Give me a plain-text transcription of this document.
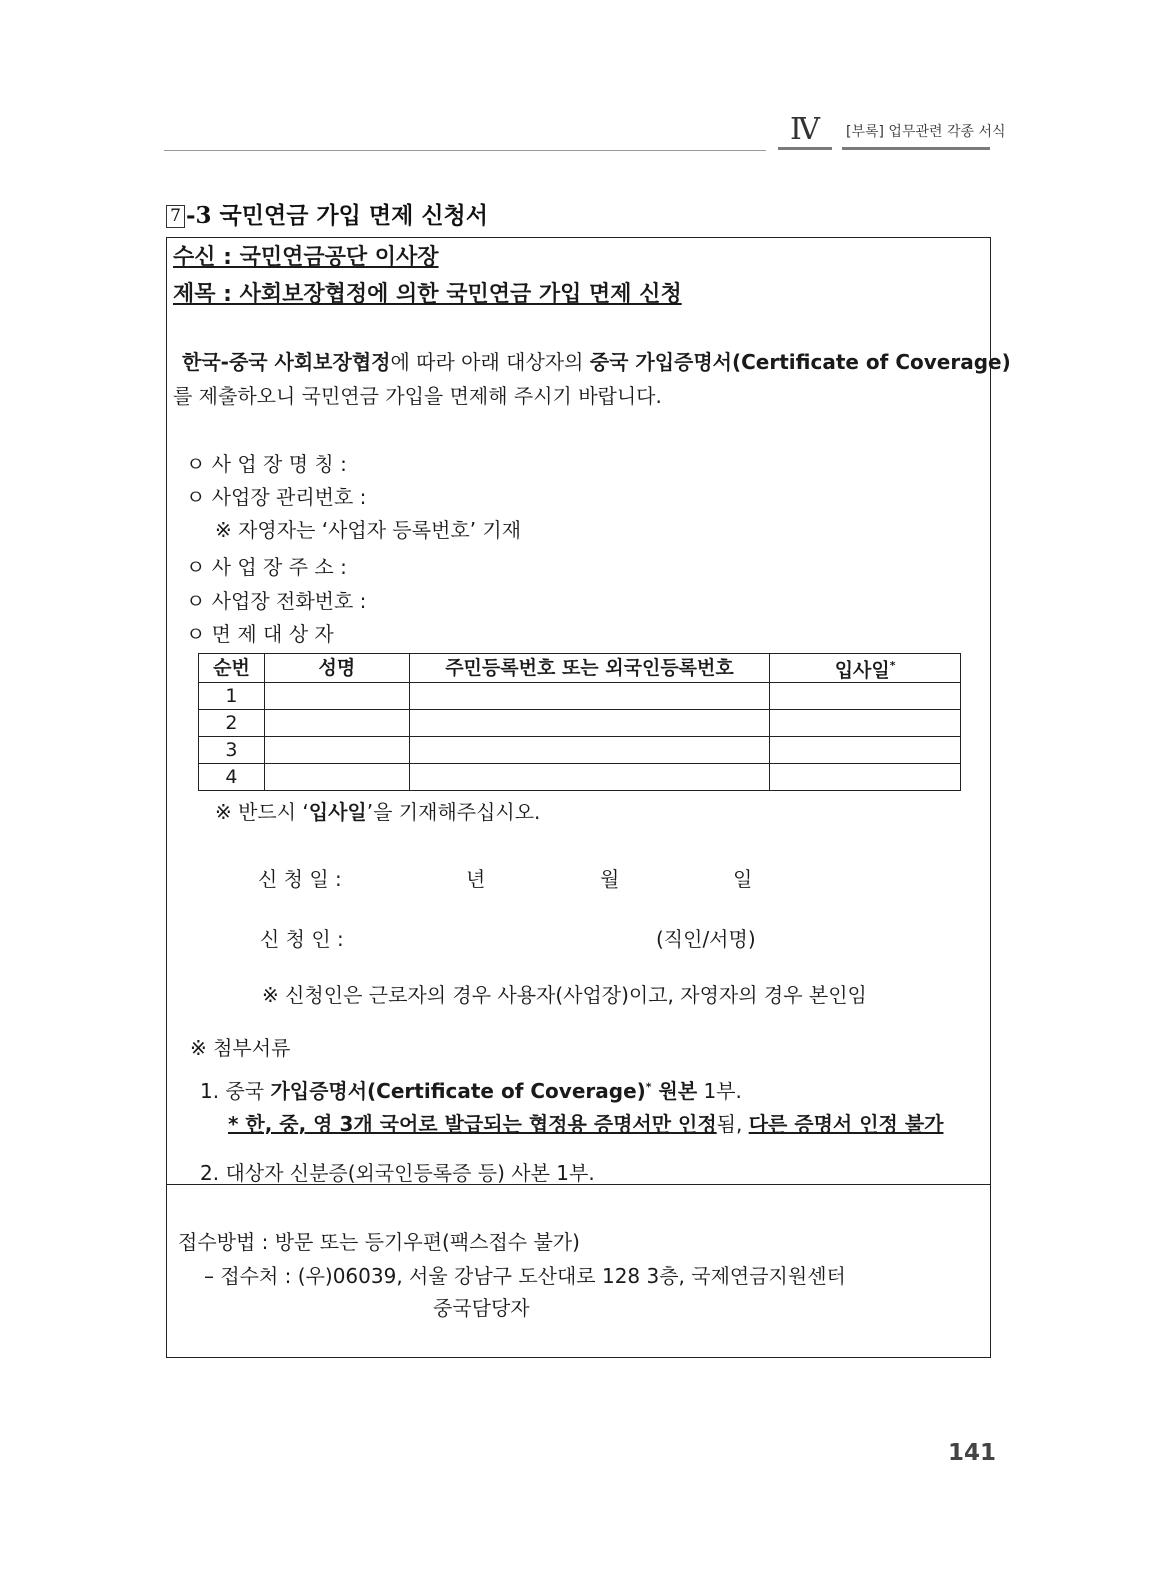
Ⅳ	[부록] 업무관련 각종 서식
7 -3 국민연금 가입 면제 신청서
수신 : 국민연금공단 이사장
제목 : 사회보장협정에 의한 국민연금 가입 면제 신청
한국-중국 사회보장협정에 따라 아래 대상자의 중국 가입증명서(Certificate of Coverage)
를 제출하오니 국민연금 가입을 면제해 주시기 바랍니다.
ㅇ 사 업 장 명 칭 :
ㅇ 사업장 관리번호 :
※ 자영자는 ‘사업자 등록번호’ 기재
ㅇ 사 업 장 주 소 :
ㅇ 사업장 전화번호 :
ㅇ 면 제 대 상 자
순번	성명	주민등록번호 또는 외국인등록번호	입사일*
1			
2			
3			
4			
※ 반드시 ‘입사일’을 기재해주십시오.
신 청 일 :	년	월	일
신 청 인 :	(직인/서명)
※ 신청인은 근로자의 경우 사용자(사업장)이고, 자영자의 경우 본인임
※ 첨부서류
1. 중국 가입증명서(Certificate of Coverage)* 원본 1부.
* 한, 중, 영 3개 국어로 발급되는 협정용 증명서만 인정됨, 다른 증명서 인정 불가
2. 대상자 신분증(외국인등록증 등) 사본 1부.
접수방법 : 방문 또는 등기우편(팩스접수 불가)
– 접수처 : (우)06039, 서울 강남구 도산대로 128 3층, 국제연금지원센터
중국담당자
141
